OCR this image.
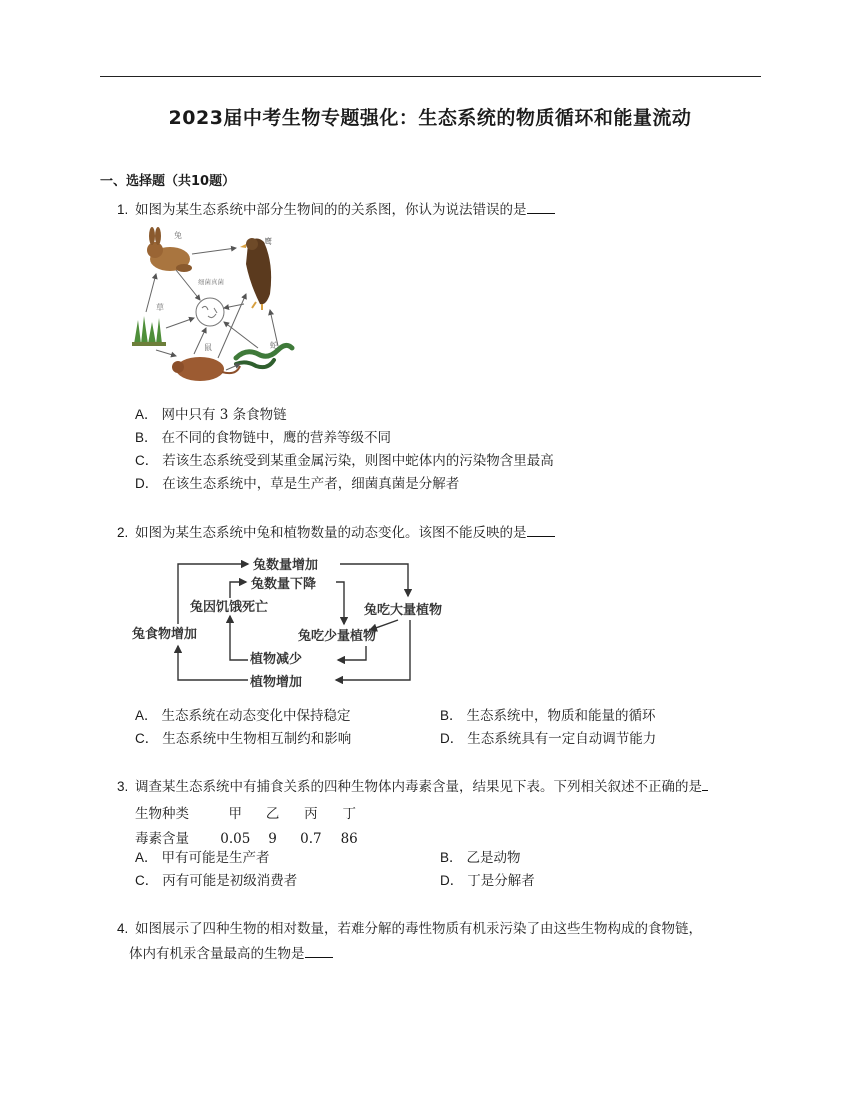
2023届中考生物专题强化：生态系统的物质循环和能量流动
一、选择题（共10题）
1. 如图为某生态系统中部分生物间的的关系图，你认为说法错误的是
兔
鹰
细菌真菌
草
鼠	蛇
A． 网中只有 3 条食物链
B． 在不同的食物链中，鹰的营养等级不同
C． 若该生态系统受到某重金属污染，则图中蛇体内的污染物含里最高
D． 在该生态系统中，草是生产者，细菌真菌是分解者
2. 如图为某生态系统中兔和植物数量的动态变化。该图不能反映的是
兔数量增加
兔数量下降
兔吃大量植物
兔因饥饿死亡
兔食物增加	兔吃少量植物
植物减少
植物增加
A． 生态系统在动态变化中保持稳定	B． 生态系统中，物质和能量的循环
C． 生态系统中生物相互制约和影响	D． 生态系统具有一定自动调节能力
3. 调查某生态系统中有捕食关系的四种生物体内毒素含量，结果见下表。下列相关叙述不正确的是
生物种类	甲 乙 丙 丁
毒素含量 0.05 9 0.7 86
A． 甲有可能是生产者	B． 乙是动物
C． 丙有可能是初级消费者	D． 丁是分解者
4. 如图展示了四种生物的相对数量，若难分解的毒性物质有机汞污染了由这些生物构成的食物链，
体内有机汞含量最高的生物是
